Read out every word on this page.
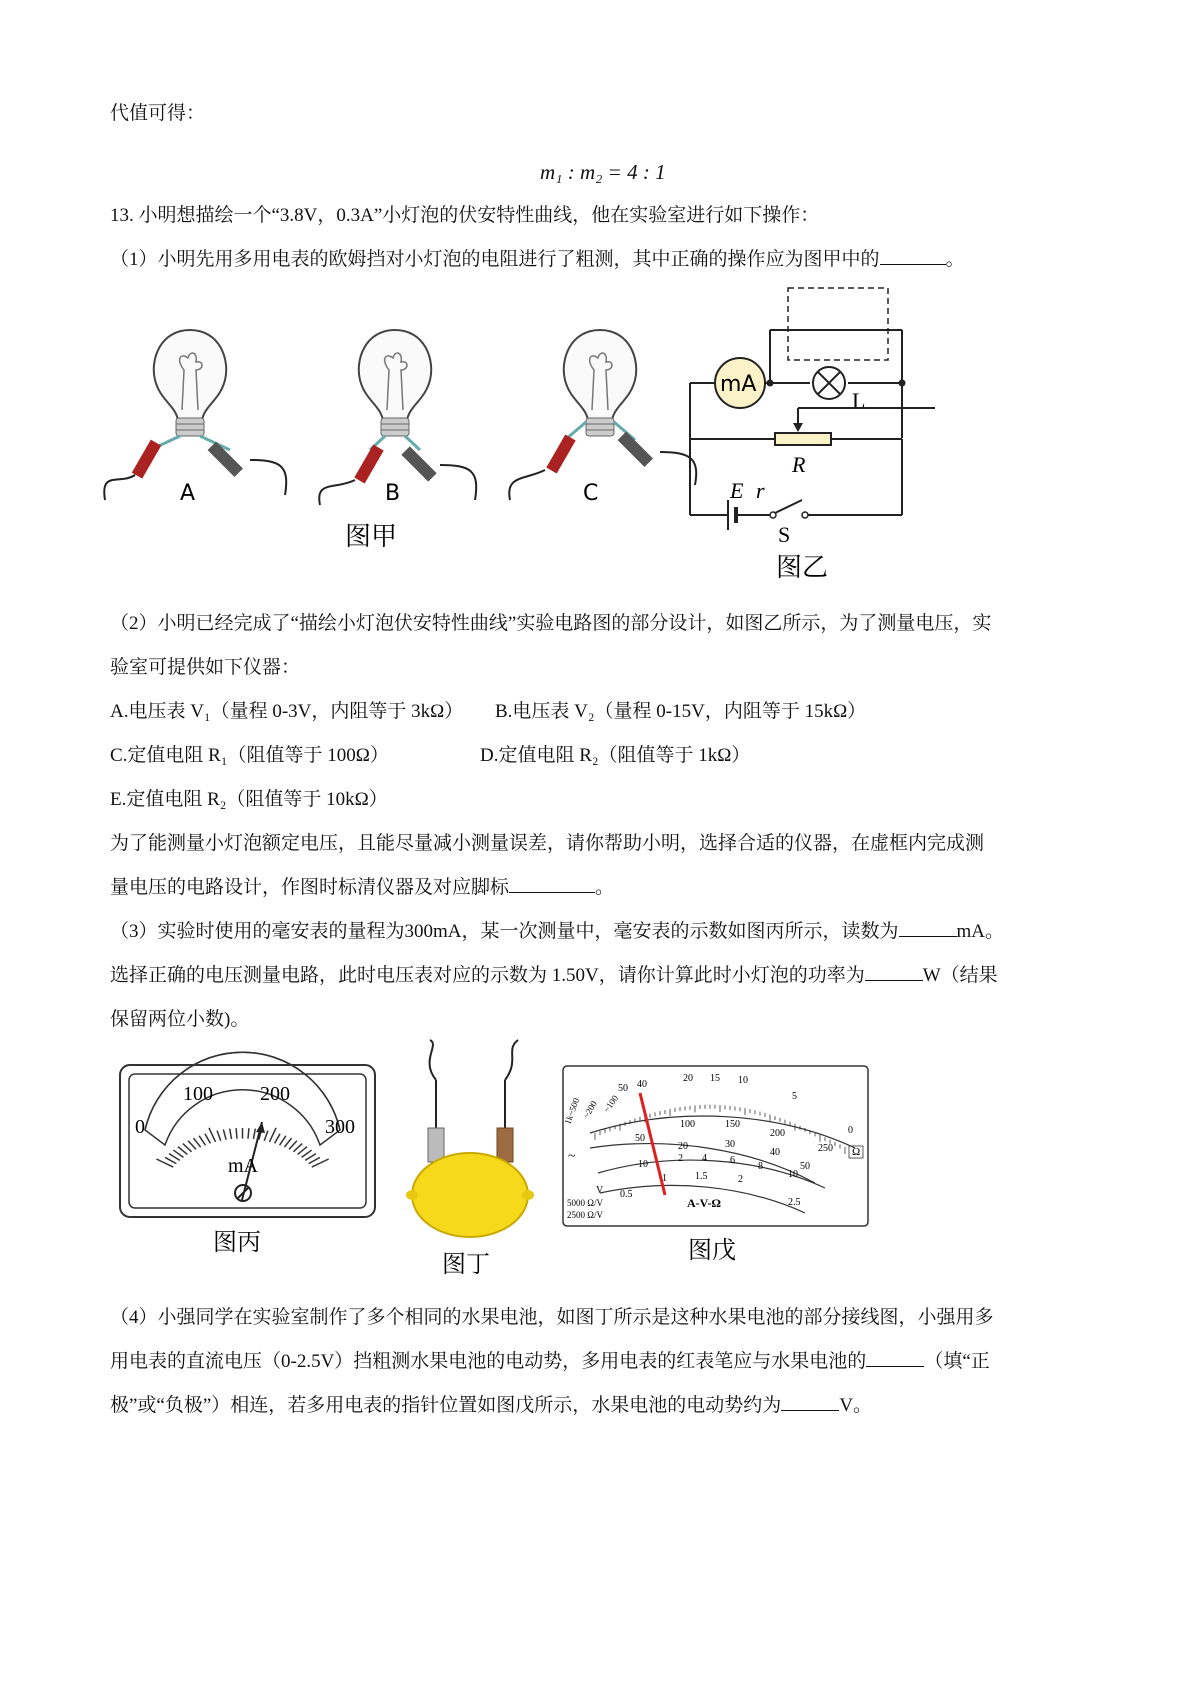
代值可得：
m₁ : m₂ = 4 : 1
13. 小明想描绘一个“3.8V，0.3A”小灯泡的伏安特性曲线，他在实验室进行如下操作：
（1）小明先用多用电表的欧姆挡对小灯泡的电阻进行了粗测，其中正确的操作应为图甲中的	。
A	B	C
图甲
mA
L
R
E r
S
图乙
（2）小明已经完成了“描绘小灯泡伏安特性曲线”实验电路图的部分设计，如图乙所示，为了测量电压，实
验室可提供如下仪器：
A.电压表 V₁（量程 0-3V，内阻等于 3kΩ） B.电压表 V₂（量程 0-15V，内阻等于 15kΩ）
C.定值电阻 R₁（阻值等于 100Ω）	D.定值电阻 R₂（阻值等于 1kΩ）
E.定值电阻 R₂（阻值等于 10kΩ）
为了能测量小灯泡额定电压，且能尽量减小测量误差，请你帮助小明，选择合适的仪器，在虚框内完成测
量电压的电路设计，作图时标清仪器及对应脚标	。
（3）实验时使用的毫安表的量程为300mA，某一次测量中，毫安表的示数如图丙所示，读数为	mA。
选择正确的电压测量电路，此时电压表对应的示数为 1.50V，请你计算此时小灯泡的功率为	W（结果
保留两位小数)。
0
100 200
300
mA
图丙
图丁
50 40
20 15 10
5
0
1k~500 ~200 ~100
50
100	150
200
250
10
20	30
40
50
0.5
1	1.5	2
2.5
2 4 6
8
10
Ω
~
V
A-V-Ω
5000 Ω/V
2500 Ω/V
图戊
（4）小强同学在实验室制作了多个相同的水果电池，如图丁所示是这种水果电池的部分接线图，小强用多
用电表的直流电压（0-2.5V）挡粗测水果电池的电动势，多用电表的红表笔应与水果电池的	（填“正
极”或“负极”）相连，若多用电表的指针位置如图戊所示，水果电池的电动势约为	V。
